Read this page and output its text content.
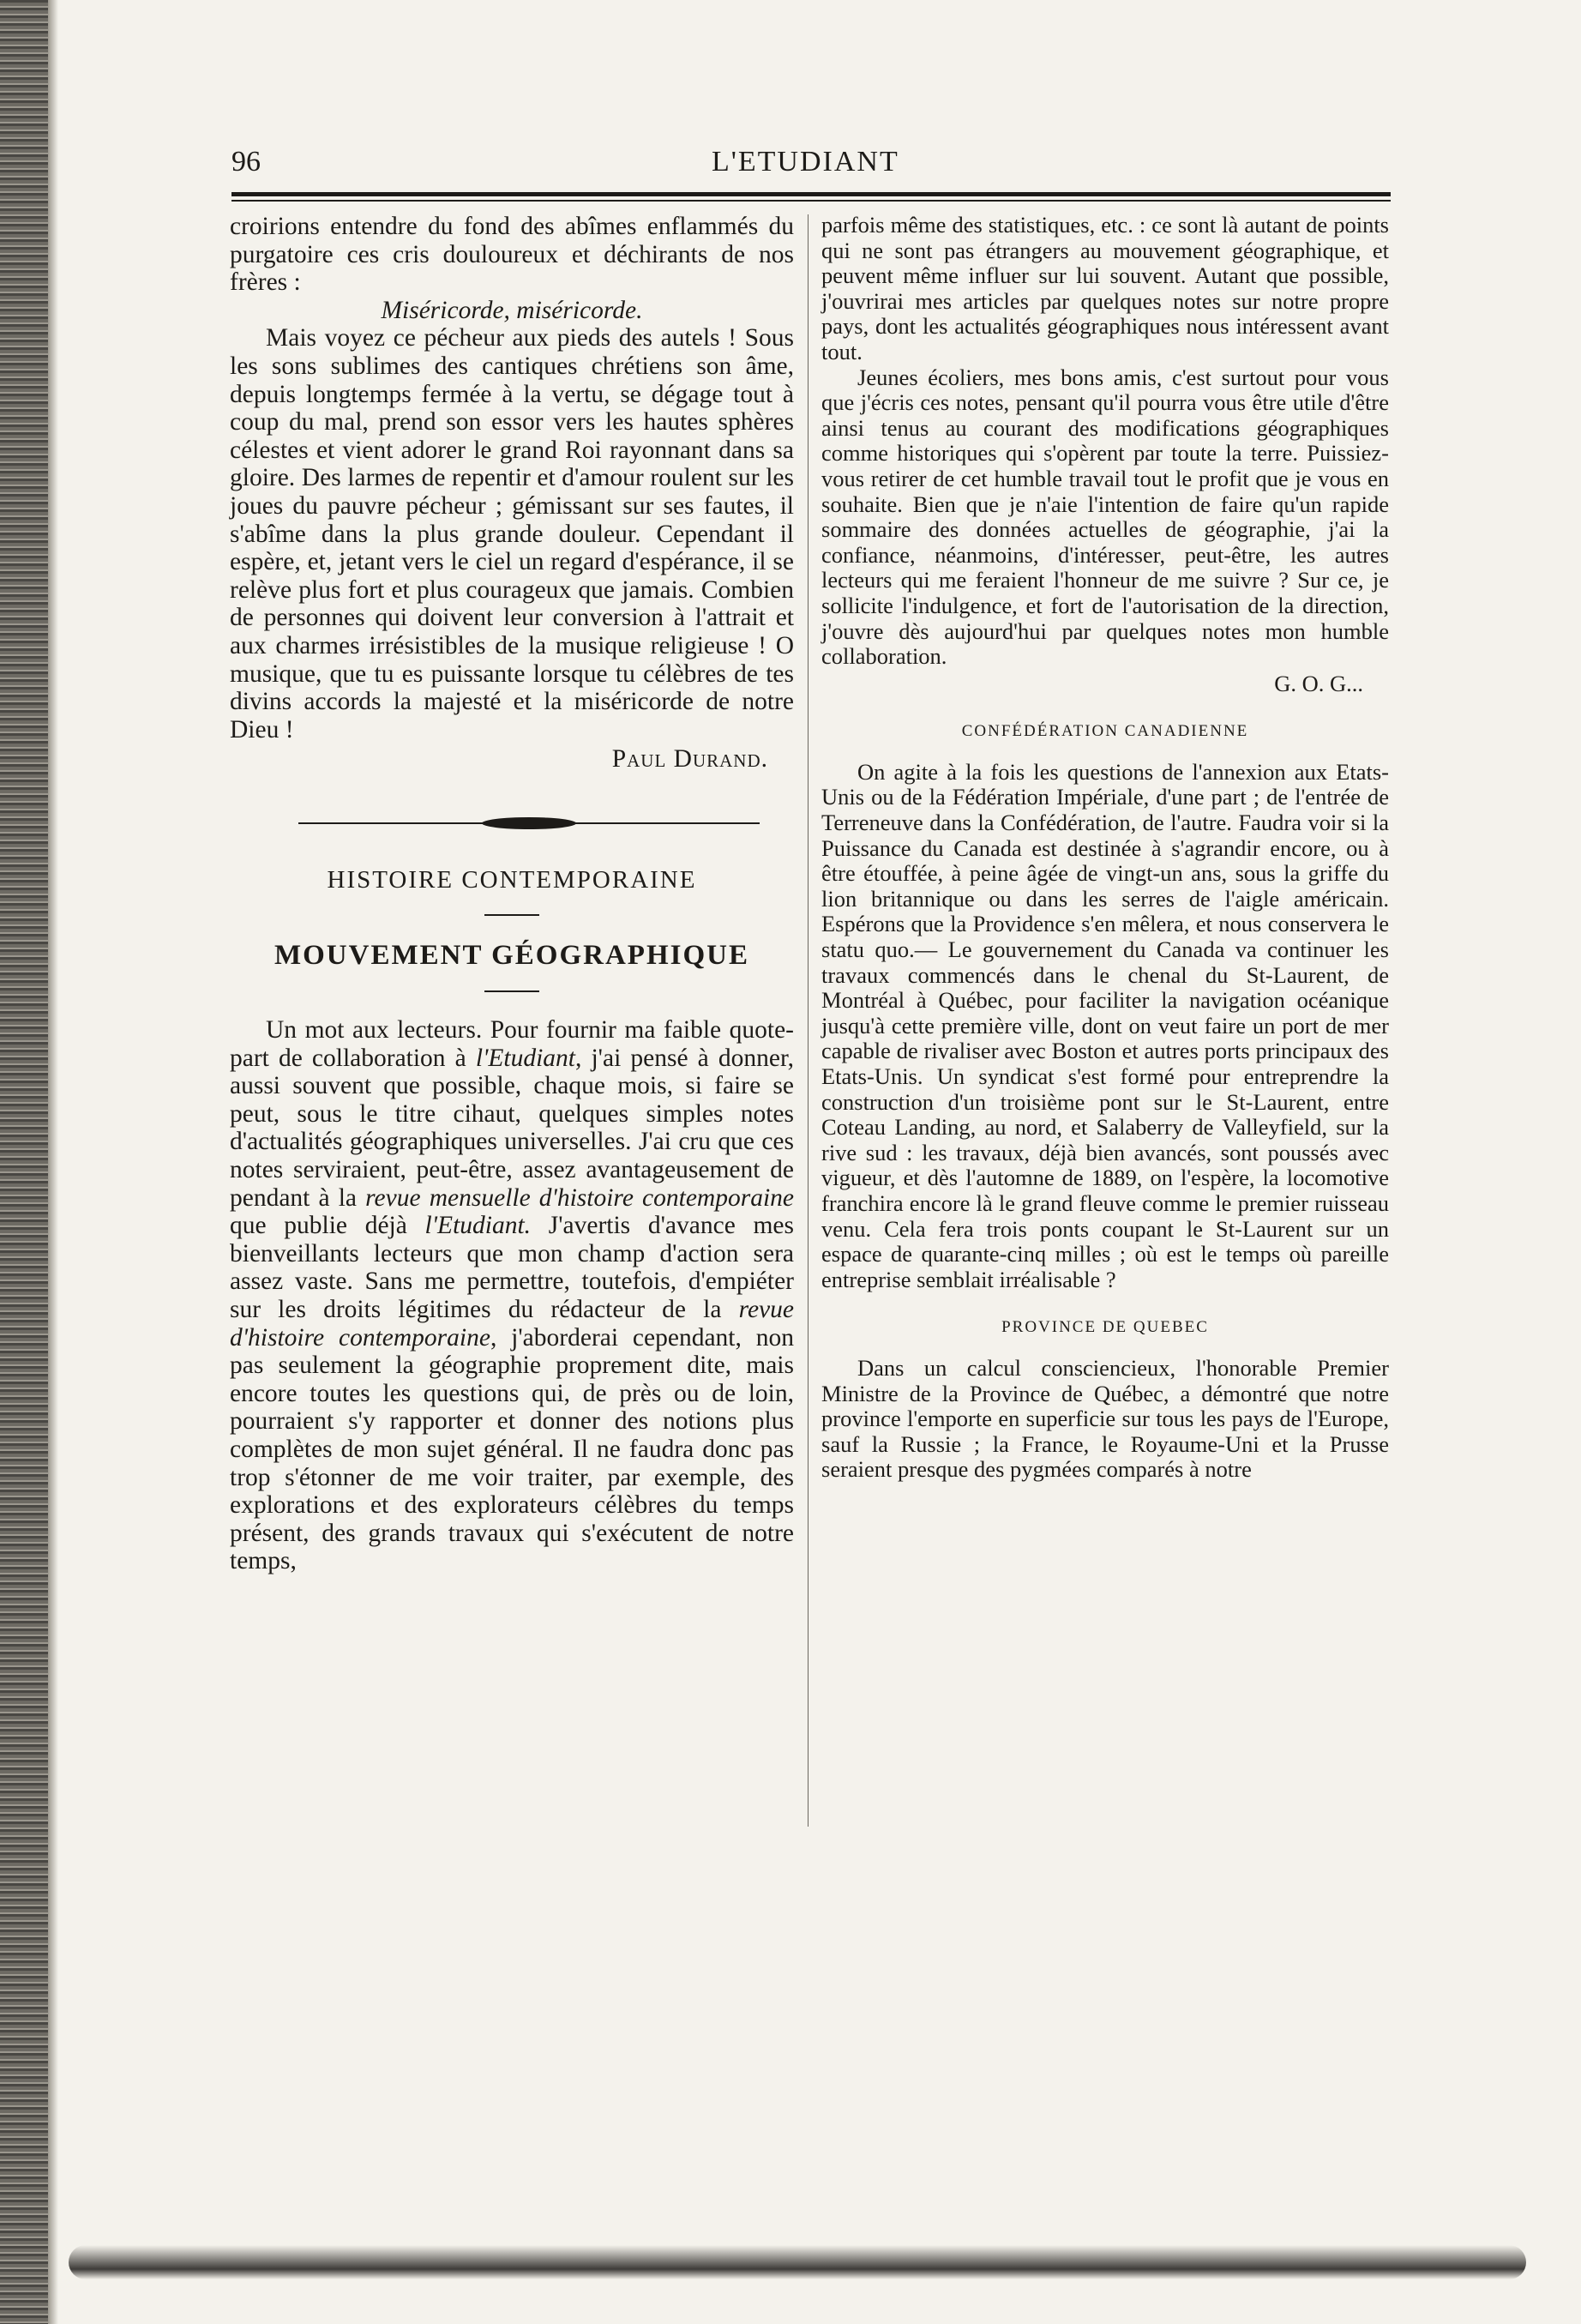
96	L'ETUDIANT

croirions entendre du fond des abîmes enflammés du purgatoire ces cris douloureux et déchirants de nos frères :

Miséricorde, miséricorde.

Mais voyez ce pécheur aux pieds des autels ! Sous les sons sublimes des cantiques chrétiens son âme, depuis longtemps fermée à la vertu, se dégage tout à coup du mal, prend son essor vers les hautes sphères célestes et vient adorer le grand Roi rayonnant dans sa gloire. Des larmes de repentir et d'amour roulent sur les joues du pauvre pécheur ; gémissant sur ses fautes, il s'abîme dans la plus grande douleur. Cependant il espère, et, jetant vers le ciel un regard d'espérance, il se relève plus fort et plus courageux que jamais. Combien de personnes qui doivent leur conversion à l'attrait et aux charmes irrésistibles de la musique religieuse ! O musique, que tu es puissante lorsque tu célèbres de tes divins accords la majesté et la miséricorde de notre Dieu !

Paul Durand.

HISTOIRE CONTEMPORAINE

MOUVEMENT GÉOGRAPHIQUE

Un mot aux lecteurs. Pour fournir ma faible quote-part de collaboration à l'Etudiant, j'ai pensé à donner, aussi souvent que possible, chaque mois, si faire se peut, sous le titre cihaut, quelques simples notes d'actualités géographiques universelles. J'ai cru que ces notes serviraient, peut-être, assez avantageusement de pendant à la revue mensuelle d'histoire contemporaine que publie déjà l'Etudiant. J'avertis d'avance mes bienveillants lecteurs que mon champ d'action sera assez vaste. Sans me permettre, toutefois, d'empiéter sur les droits légitimes du rédacteur de la revue d'histoire contemporaine, j'aborderai cependant, non pas seulement la géographie proprement dite, mais encore toutes les questions qui, de près ou de loin, pourraient s'y rapporter et donner des notions plus complètes de mon sujet général. Il ne faudra donc pas trop s'étonner de me voir traiter, par exemple, des explorations et des explorateurs célèbres du temps présent, des grands travaux qui s'exécutent de notre temps,

parfois même des statistiques, etc. : ce sont là autant de points qui ne sont pas étrangers au mouvement géographique, et peuvent même influer sur lui souvent. Autant que possible, j'ouvrirai mes articles par quelques notes sur notre propre pays, dont les actualités géographiques nous intéressent avant tout.

Jeunes écoliers, mes bons amis, c'est surtout pour vous que j'écris ces notes, pensant qu'il pourra vous être utile d'être ainsi tenus au courant des modifications géographiques comme historiques qui s'opèrent par toute la terre. Puissiez-vous retirer de cet humble travail tout le profit que je vous en souhaite. Bien que je n'aie l'intention de faire qu'un rapide sommaire des données actuelles de géographie, j'ai la confiance, néanmoins, d'intéresser, peut-être, les autres lecteurs qui me feraient l'honneur de me suivre ? Sur ce, je sollicite l'indulgence, et fort de l'autorisation de la direction, j'ouvre dès aujourd'hui par quelques notes mon humble collaboration.

G. O. G...

CONFÉDÉRATION CANADIENNE

On agite à la fois les questions de l'annexion aux Etats-Unis ou de la Fédération Impériale, d'une part ; de l'entrée de Terreneuve dans la Confédération, de l'autre. Faudra voir si la Puissance du Canada est destinée à s'agrandir encore, ou à être étouffée, à peine âgée de vingt-un ans, sous la griffe du lion britannique ou dans les serres de l'aigle américain. Espérons que la Providence s'en mêlera, et nous conservera le statu quo.— Le gouvernement du Canada va continuer les travaux commencés dans le chenal du St-Laurent, de Montréal à Québec, pour faciliter la navigation océanique jusqu'à cette première ville, dont on veut faire un port de mer capable de rivaliser avec Boston et autres ports principaux des Etats-Unis. Un syndicat s'est formé pour entreprendre la construction d'un troisième pont sur le St-Laurent, entre Coteau Landing, au nord, et Salaberry de Valleyfield, sur la rive sud : les travaux, déjà bien avancés, sont poussés avec vigueur, et dès l'automne de 1889, on l'espère, la locomotive franchira encore là le grand fleuve comme le premier ruisseau venu. Cela fera trois ponts coupant le St-Laurent sur un espace de quarante-cinq milles ; où est le temps où pareille entreprise semblait irréalisable ?

PROVINCE DE QUEBEC

Dans un calcul consciencieux, l'honorable Premier Ministre de la Province de Québec, a démontré que notre province l'emporte en superficie sur tous les pays de l'Europe, sauf la Russie ; la France, le Royaume-Uni et la Prusse seraient presque des pygmées comparés à notre
